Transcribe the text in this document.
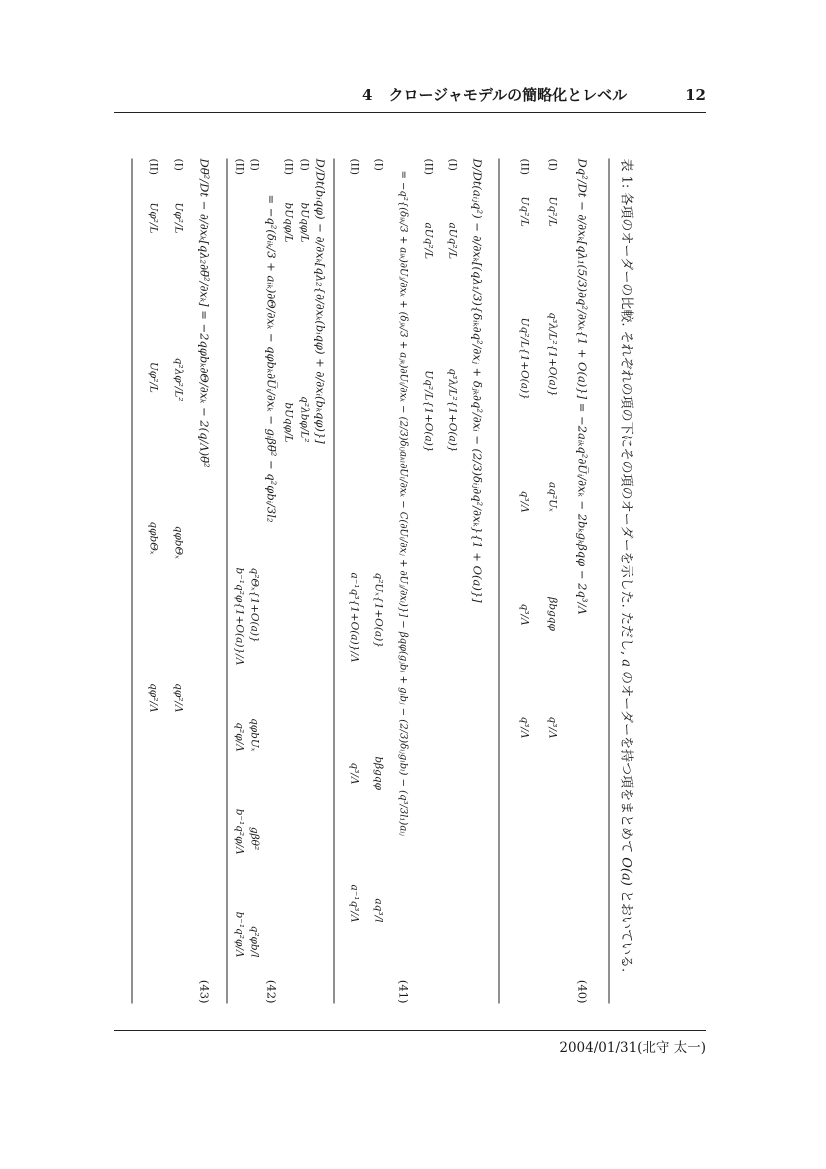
4 クロージャモデルの簡略化とレベル	12
表 1: 各項のオーダーの比較. それぞれの項の下にその項のオーダーを示した. ただし, a のオーダーを持つ項をまとめて O(a) とおいている.
Dq²/Dt − ∂/∂xₖ[qλ₁(5/3)∂q²/∂xₖ{1 + O(a)}] = −2aᵢₖq²∂U̅ᵢ/∂xₖ − 2bₖgₖβqφ − 2q³/Λ
(40)
(I)
Uq²/L
q³λ/L²{1+O(a)}
aq²Uₓ
βbgqφ
q³/Λ
(II)
Uq²/L
Uq²/L{1+O(a)}
q³/Λ
q³/Λ
q³/Λ
D/Dt(aᵢⱼq²) − ∂/∂xₖ[(qλ₁/3){δᵢₖ∂q²/∂xⱼ + δⱼₖ∂q²/∂xᵢ − (2/3)δᵢⱼ∂q²/∂xₖ}{1 + O(a)}]
(I)
aUq²/L
q³λ/L²{1+O(a)}
(II)
aUq²/L
Uq²/L{1+O(a)}
= −q²{(δᵢₖ/3 + aᵢₖ)∂U̅ⱼ/∂xₖ + (δⱼₖ/3 + aⱼₖ)∂U̅ᵢ/∂xₖ − (2/3)δᵢⱼaₖₗ∂U̅ₗ/∂xₖ − C(∂U̅ᵢ/∂xⱼ + ∂U̅ⱼ/∂xᵢ)}] − βqφ(gⱼbᵢ + gᵢbⱼ − (2/3)δᵢⱼgₗbₗ) − (q³/3l₁)aᵢⱼ
(41)
(I)
q²Uₓ{1+O(a)}
bβgqφ
aq³/l
(II)
a⁻¹q³{1+O(a)}/Λ
q³/Λ
a⁻¹q³/Λ
D/Dt(bᵢqφ) − ∂/∂xₖ[qλ₂{∂/∂xₖ(bᵢqφ) + ∂/∂xᵢ(bₖqφ)}]
(I)
bUqφ/L
q²λbφ/L²
(II)
bUqφ/L
bUqφ/L
= −q²(δᵢₖ/3 + aᵢₖ)∂Θ/∂xₖ − qφbₖ∂U̅ᵢ/∂xₖ − gᵢβθ̅² − q²φbᵢ/3l₂
(42)
(I)
q²Θₓ{1+O(a)}
qφbUₓ
gβθ²
q²φb/l
(II)
b⁻¹q²φ{1+O(a)}/Λ
q²φ/Λ
b⁻¹q²φ/Λ
b⁻¹q²φ/Λ
Dθ̅²/Dt − ∂/∂xₖ[qλ₂∂θ̅²/∂xₖ] = −2qφbₖ∂Θ/∂xₖ − 2(q/Λ)θ̅²
(43)
(I)
Uφ²/L
q²λφ²/L²
qφbΘₓ
qφ²/Λ
(II)
Uφ²/L
Uφ²/L
qφbΘₓ
qφ²/Λ
2004/01/31(北守 太一)
